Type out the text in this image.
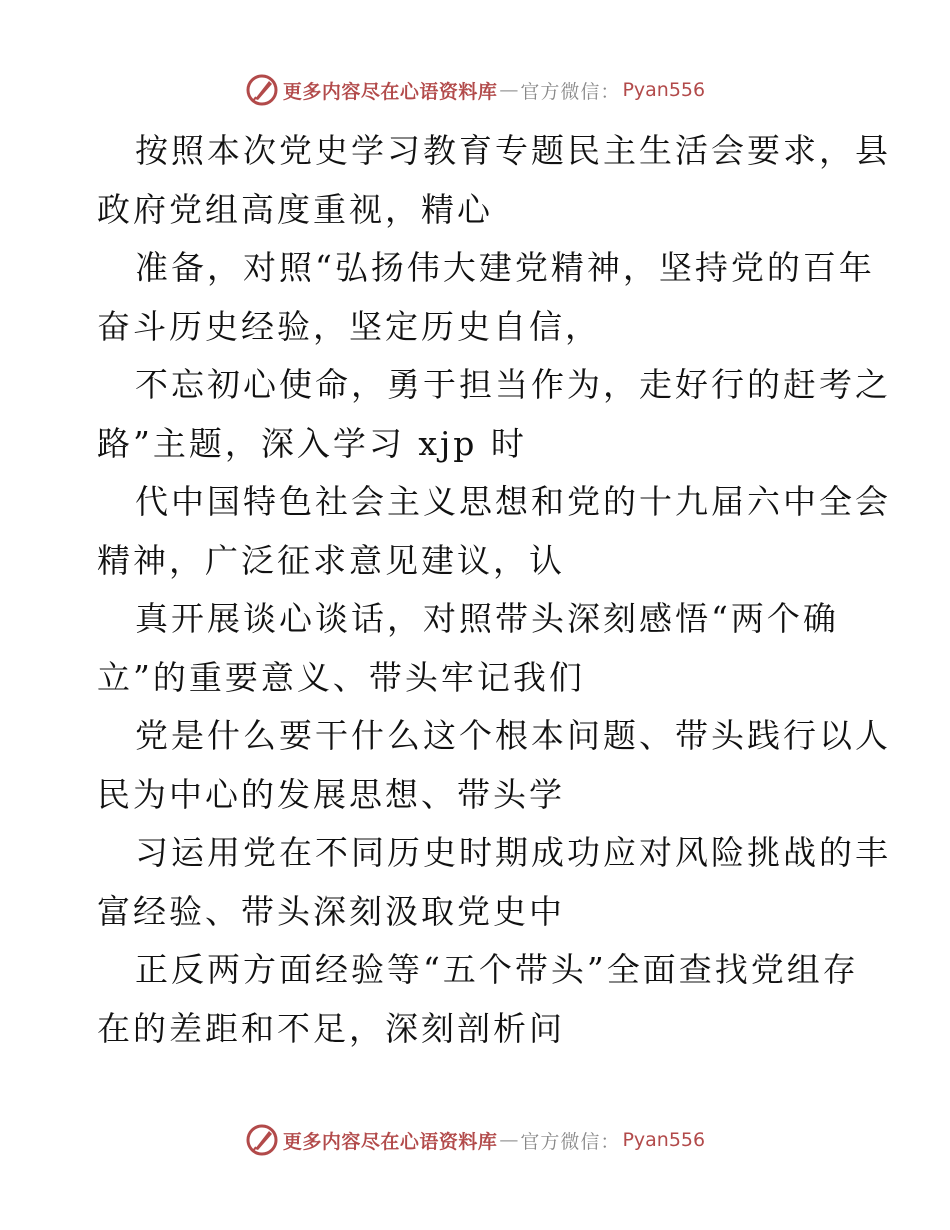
更多内容尽在心语资料库 — 官方微信： Pyan556
按照本次党史学习教育专题民主生活会要求，县
政府党组高度重视，精心
准备，对照“弘扬伟大建党精神，坚持党的百年
奋斗历史经验，坚定历史自信，
不忘初心使命，勇于担当作为，走好行的赶考之
路”主题，深入学习 xjp 时
代中国特色社会主义思想和党的十九届六中全会
精神，广泛征求意见建议，认
真开展谈心谈话，对照带头深刻感悟“两个确
立”的重要意义、带头牢记我们
党是什么要干什么这个根本问题、带头践行以人
民为中心的发展思想、带头学
习运用党在不同历史时期成功应对风险挑战的丰
富经验、带头深刻汲取党史中
正反两方面经验等“五个带头”全面查找党组存
在的差距和不足，深刻剖析问
更多内容尽在心语资料库 — 官方微信： Pyan556
